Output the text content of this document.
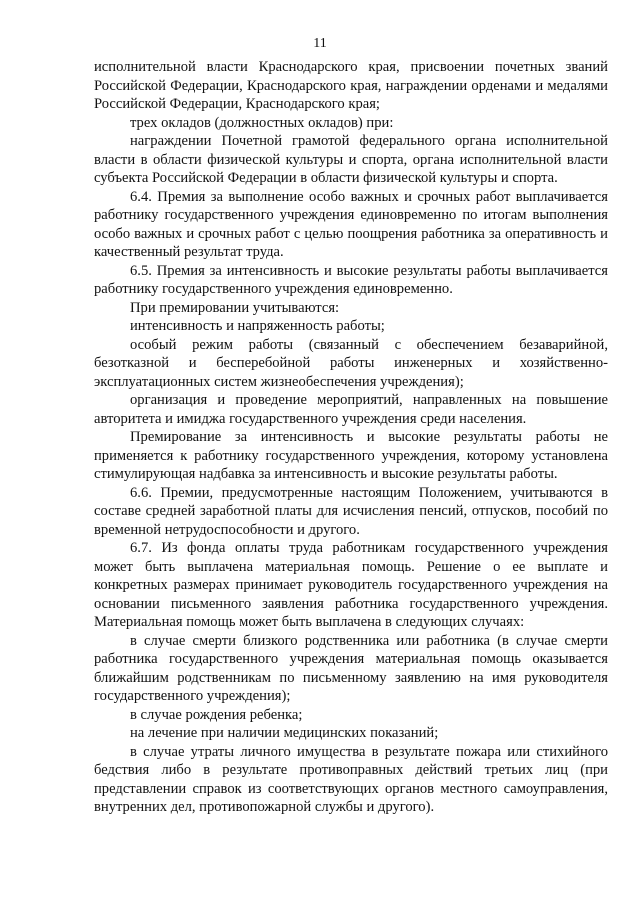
11

исполнительной власти Краснодарского края, присвоении почетных званий Российской Федерации, Краснодарского края, награждении орденами и медалями Российской Федерации, Краснодарского края;

трех окладов (должностных окладов) при:

награждении Почетной грамотой федерального органа исполнительной власти в области физической культуры и спорта, органа исполнительной власти субъекта Российской Федерации в области физической культуры и спорта.

6.4. Премия за выполнение особо важных и срочных работ выплачивается работнику государственного учреждения единовременно по итогам выполнения особо важных и срочных работ с целью поощрения работника за оперативность и качественный результат труда.

6.5. Премия за интенсивность и высокие результаты работы выплачивается работнику государственного учреждения единовременно.

При премировании учитываются:

интенсивность и напряженность работы;

особый режим работы (связанный с обеспечением безаварийной, безотказной и бесперебойной работы инженерных и хозяйственно-эксплуатационных систем жизнеобеспечения учреждения);

организация и проведение мероприятий, направленных на повышение авторитета и имиджа государственного учреждения среди населения.

Премирование за интенсивность и высокие результаты работы не применяется к работнику государственного учреждения, которому установлена стимулирующая надбавка за интенсивность и высокие результаты работы.

6.6. Премии, предусмотренные настоящим Положением, учитываются в составе средней заработной платы для исчисления пенсий, отпусков, пособий по временной нетрудоспособности и другого.

6.7. Из фонда оплаты труда работникам государственного учреждения может быть выплачена материальная помощь. Решение о ее выплате и конкретных размерах принимает руководитель государственного учреждения на основании письменного заявления работника государственного учреждения. Материальная помощь может быть выплачена в следующих случаях:

в случае смерти близкого родственника или работника (в случае смерти работника государственного учреждения материальная помощь оказывается ближайшим родственникам по письменному заявлению на имя руководителя государственного учреждения);

в случае рождения ребенка;

на лечение при наличии медицинских показаний;

в случае утраты личного имущества в результате пожара или стихийного бедствия либо в результате противоправных действий третьих лиц (при представлении справок из соответствующих органов местного самоуправления, внутренних дел, противопожарной службы и другого).
